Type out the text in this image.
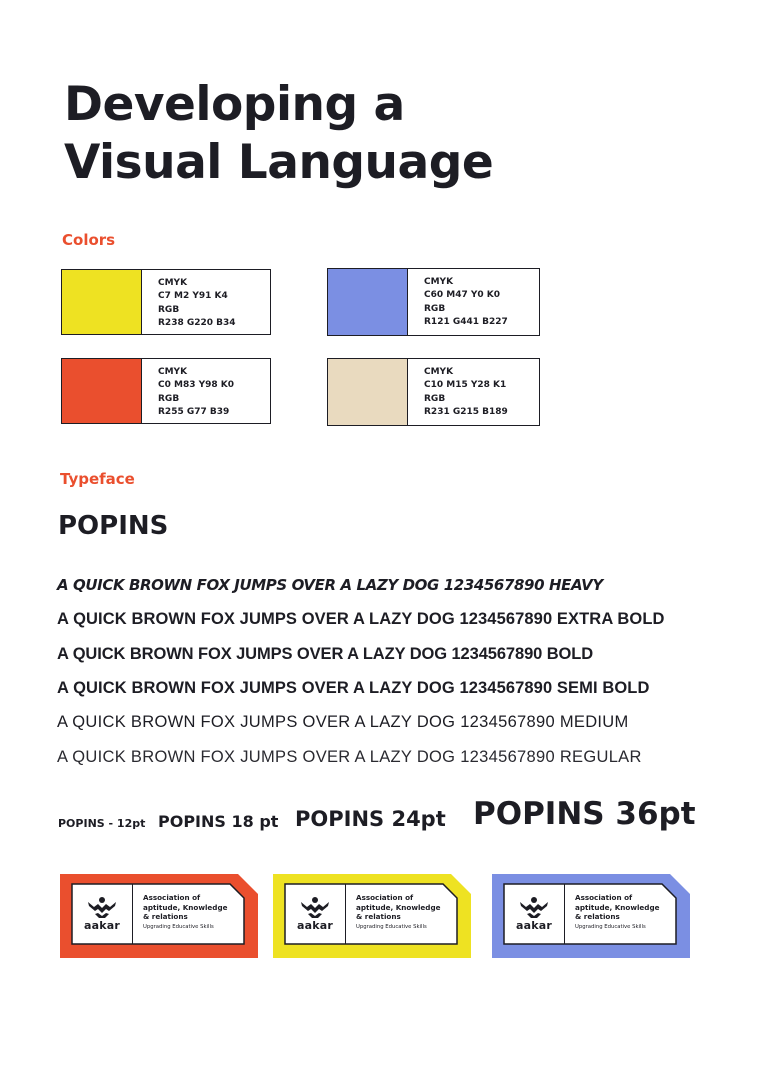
Developing a
Visual Language
Colors
CMYK
C7 M2 Y91 K4
RGB
R238 G220 B34
CMYK
C60 M47 Y0 K0
RGB
R121 G441 B227
CMYK
C0 M83 Y98 K0
RGB
R255 G77 B39
CMYK
C10 M15 Y28 K1
RGB
R231 G215 B189
Typeface
POPINS
A QUICK BROWN FOX JUMPS OVER A LAZY DOG 1234567890 HEAVY
A QUICK BROWN FOX JUMPS OVER A LAZY DOG 1234567890 EXTRA BOLD
A QUICK BROWN FOX JUMPS OVER A LAZY DOG 1234567890 BOLD
A QUICK BROWN FOX JUMPS OVER A LAZY DOG 1234567890 SEMI BOLD
A QUICK BROWN FOX JUMPS OVER A LAZY DOG 1234567890 MEDIUM
A QUICK BROWN FOX JUMPS OVER A LAZY DOG 1234567890 REGULAR
POPINS - 12pt POPINS 18 pt POPINS 24pt POPINS 36pt
aakar
Association of
aptitude, Knowledge
& relations
Upgrading Educative Skills	aakar
Association of
aptitude, Knowledge
& relations
Upgrading Educative Skills	aakar
Association of
aptitude, Knowledge
& relations
Upgrading Educative Skills
